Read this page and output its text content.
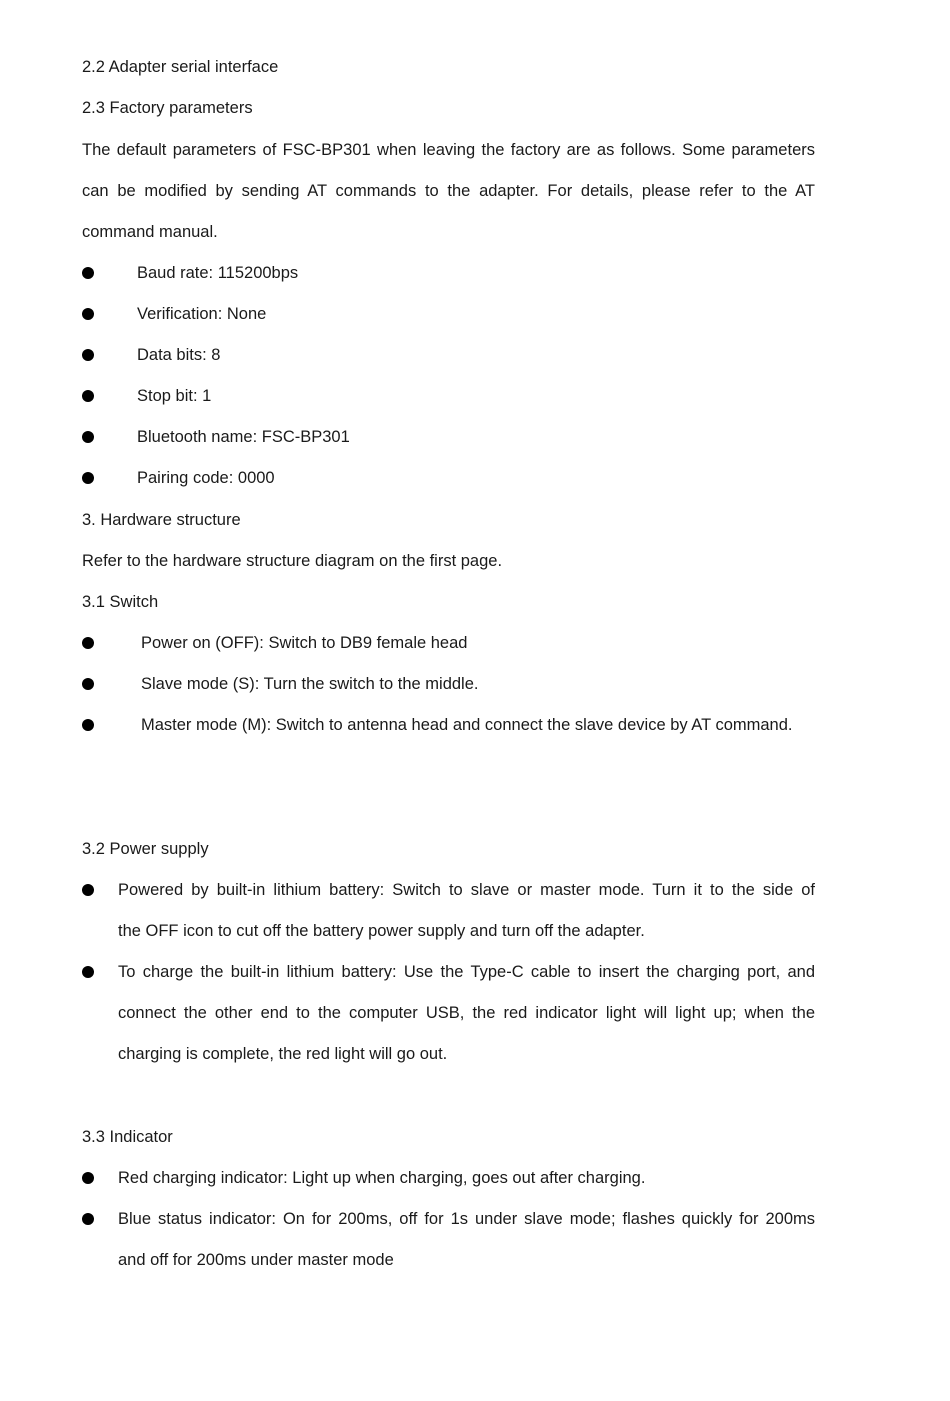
2.2 Adapter serial interface
2.3 Factory parameters
The default parameters of FSC-BP301 when leaving the factory are as follows. Some parameters
can be modified by sending AT commands to the adapter. For details, please refer to the AT
command manual.
Baud rate: 115200bps
Verification: None
Data bits: 8
Stop bit: 1
Bluetooth name: FSC-BP301
Pairing code: 0000
3. Hardware structure
Refer to the hardware structure diagram on the first page.
3.1 Switch
Power on (OFF): Switch to DB9 female head
Slave mode (S): Turn the switch to the middle.
Master mode (M): Switch to antenna head and connect the slave device by AT command.
3.2 Power supply
Powered by built-in lithium battery: Switch to slave or master mode. Turn it to the side of
the OFF icon to cut off the battery power supply and turn off the adapter.
To charge the built-in lithium battery: Use the Type-C cable to insert the charging port, and
connect the other end to the computer USB, the red indicator light will light up; when the
charging is complete, the red light will go out.
3.3 Indicator
Red charging indicator: Light up when charging, goes out after charging.
Blue status indicator: On for 200ms, off for 1s under slave mode; flashes quickly for 200ms
and off for 200ms under master mode
